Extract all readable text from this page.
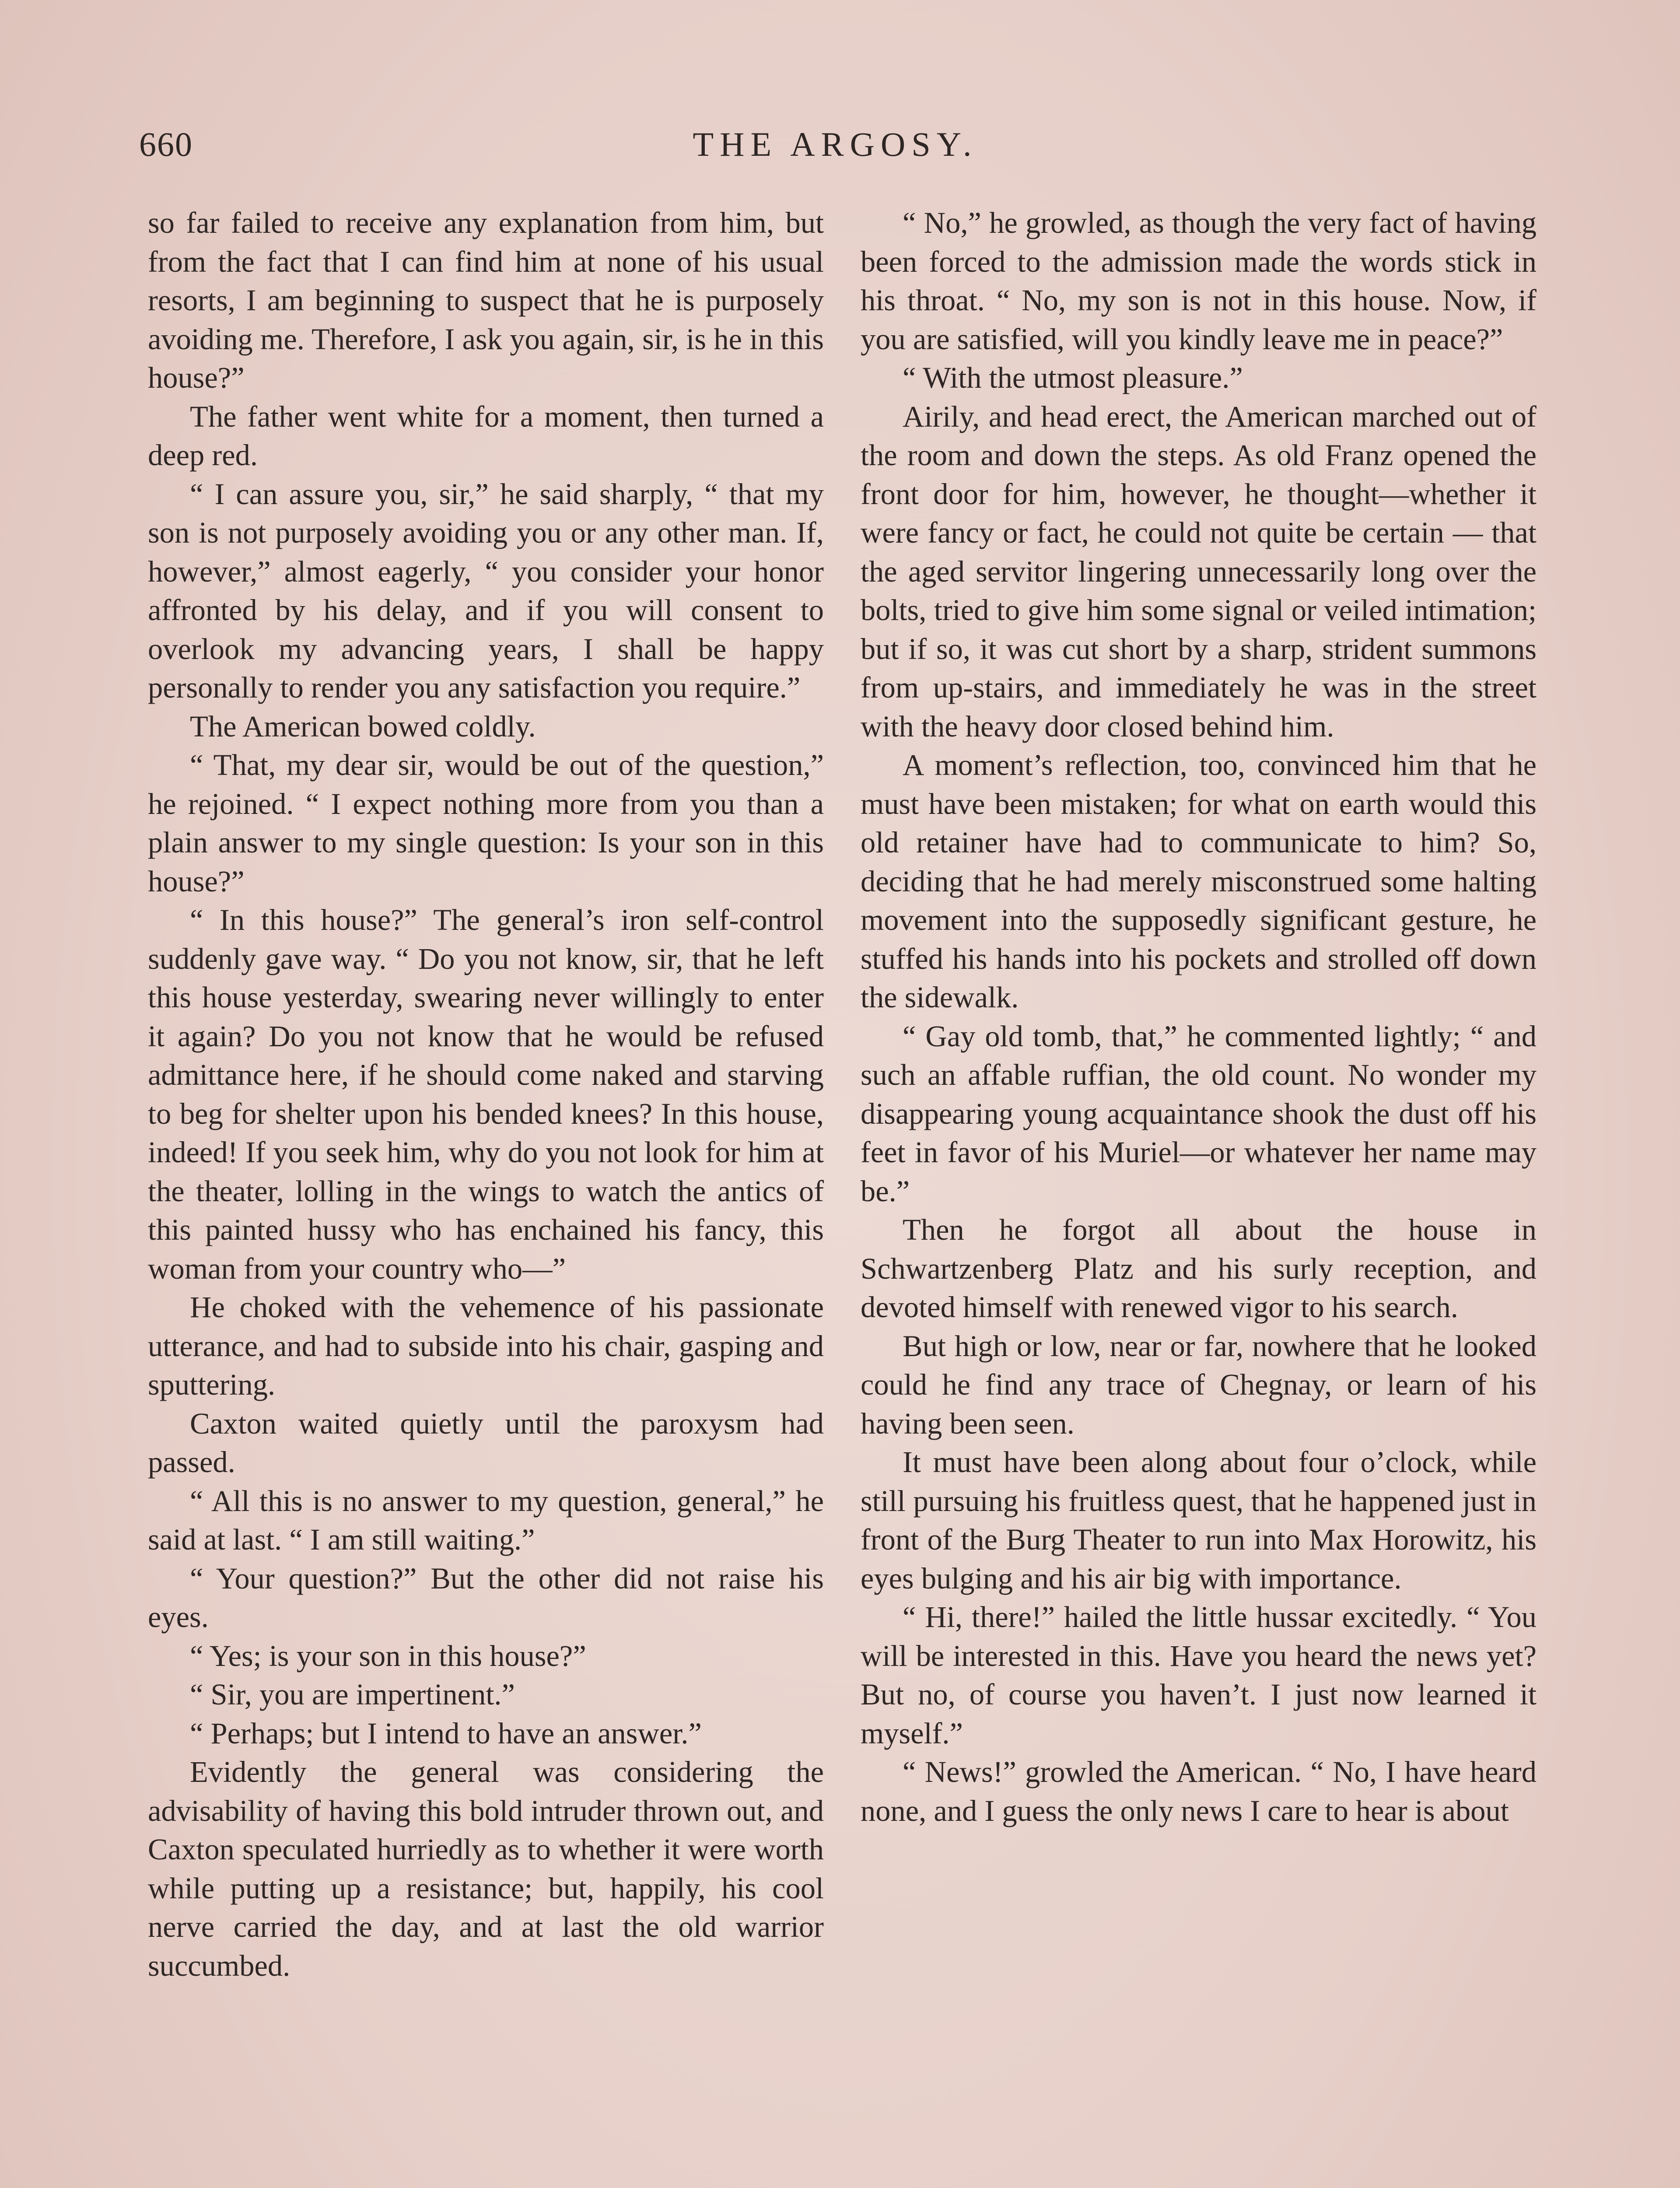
660	THE ARGOSY.

so far failed to receive any explanation from him, but from the fact that I can find him at none of his usual resorts, I am beginning to suspect that he is purposely avoiding me. Therefore, I ask you again, sir, is he in this house?”

The father went white for a moment, then turned a deep red.

“ I can assure you, sir,” he said sharply, “ that my son is not purposely avoiding you or any other man. If, however,” almost eagerly, “ you consider your honor affronted by his delay, and if you will consent to overlook my advancing years, I shall be happy personally to render you any satisfaction you require.”

The American bowed coldly.

“ That, my dear sir, would be out of the question,” he rejoined. “ I expect nothing more from you than a plain answer to my single question: Is your son in this house?”

“ In this house?” The general’s iron self-control suddenly gave way. “ Do you not know, sir, that he left this house yesterday, swearing never willingly to enter it again? Do you not know that he would be refused admittance here, if he should come naked and starving to beg for shelter upon his bended knees? In this house, indeed! If you seek him, why do you not look for him at the theater, lolling in the wings to watch the antics of this painted hussy who has enchained his fancy, this woman from your country who—”

He choked with the vehemence of his passionate utterance, and had to subside into his chair, gasping and sputtering.

Caxton waited quietly until the paroxysm had passed.

“ All this is no answer to my question, general,” he said at last. “ I am still waiting.”

“ Your question?” But the other did not raise his eyes.

“ Yes; is your son in this house?”

“ Sir, you are impertinent.”

“ Perhaps; but I intend to have an answer.”

Evidently the general was considering the advisability of having this bold intruder thrown out, and Caxton speculated hurriedly as to whether it were worth while putting up a resistance; but, happily, his cool nerve carried the day, and at last the old warrior succumbed.

“ No,” he growled, as though the very fact of having been forced to the admission made the words stick in his throat. “ No, my son is not in this house. Now, if you are satisfied, will you kindly leave me in peace?”

“ With the utmost pleasure.”

Airily, and head erect, the American marched out of the room and down the steps. As old Franz opened the front door for him, however, he thought—whether it were fancy or fact, he could not quite be certain — that the aged servitor lingering unnecessarily long over the bolts, tried to give him some signal or veiled intimation; but if so, it was cut short by a sharp, strident summons from up-stairs, and immediately he was in the street with the heavy door closed behind him.

A moment’s reflection, too, convinced him that he must have been mistaken; for what on earth would this old retainer have had to communicate to him? So, deciding that he had merely misconstrued some halting movement into the supposedly significant gesture, he stuffed his hands into his pockets and strolled off down the sidewalk.

“ Gay old tomb, that,” he commented lightly; “ and such an affable ruffian, the old count. No wonder my disappearing young acquaintance shook the dust off his feet in favor of his Muriel—or whatever her name may be.”

Then he forgot all about the house in Schwartzenberg Platz and his surly reception, and devoted himself with renewed vigor to his search.

But high or low, near or far, nowhere that he looked could he find any trace of Chegnay, or learn of his having been seen.

It must have been along about four o’clock, while still pursuing his fruitless quest, that he happened just in front of the Burg Theater to run into Max Horowitz, his eyes bulging and his air big with importance.

“ Hi, there!” hailed the little hussar excitedly. “ You will be interested in this. Have you heard the news yet? But no, of course you haven’t. I just now learned it myself.”

“ News!” growled the American. “ No, I have heard none, and I guess the only news I care to hear is about
